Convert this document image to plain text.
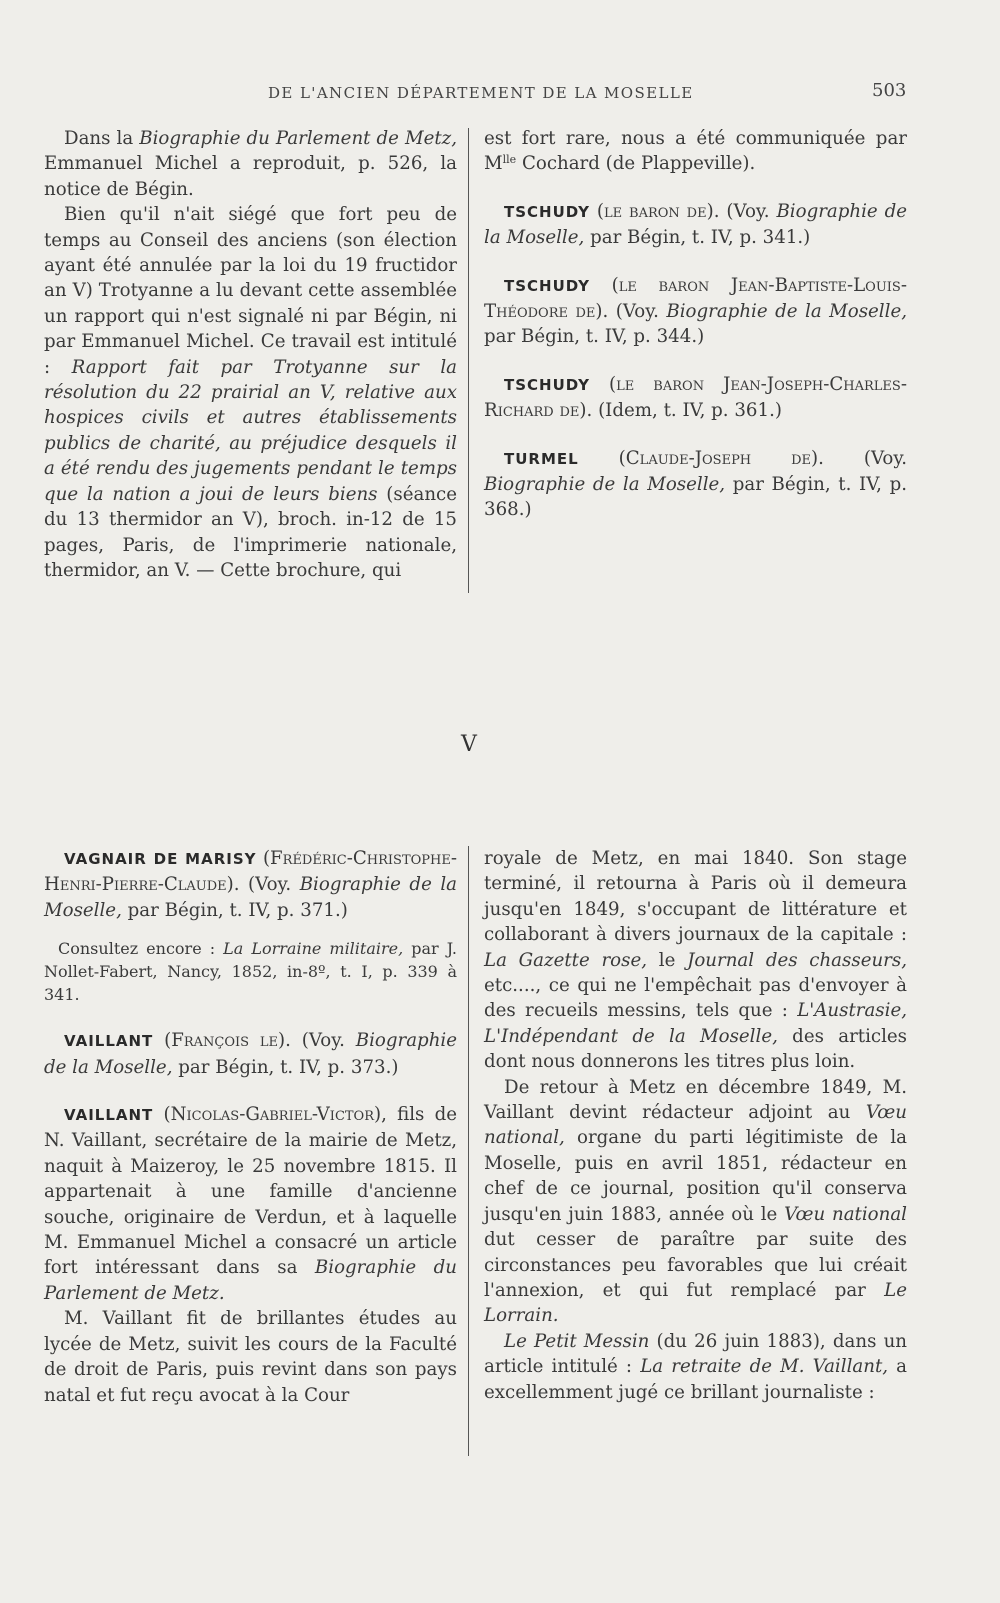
DE L'ANCIEN DÉPARTEMENT DE LA MOSELLE	503

Dans la Biographie du Parlement de Metz, Emmanuel Michel a reproduit, p. 526, la notice de Bégin.

Bien qu'il n'ait siégé que fort peu de temps au Conseil des anciens (son élection ayant été annulée par la loi du 19 fructidor an V) Trotyanne a lu devant cette assemblée un rapport qui n'est signalé ni par Bégin, ni par Emmanuel Michel. Ce travail est intitulé : Rapport fait par Trotyanne sur la résolution du 22 prairial an V, relative aux hospices civils et autres établissements publics de charité, au préjudice desquels il a été rendu des jugements pendant le temps que la nation a joui de leurs biens (séance du 13 thermidor an V), broch. in-12 de 15 pages, Paris, de l'imprimerie nationale, thermidor, an V. — Cette brochure, qui

est fort rare, nous a été communiquée par $M^{lle}$ Cochard (de Plappeville).

TSCHUDY (le baron de). (Voy. Biographie de la Moselle, par Bégin, t. IV, p. 341.)

TSCHUDY (le baron Jean-Baptiste-Louis-Théodore de). (Voy. Biographie de la Moselle, par Bégin, t. IV, p. 344.)

TSCHUDY (le baron Jean-Joseph-Charles-Richard de). (Idem, t. IV, p. 361.)

TURMEL (Claude-Joseph de). (Voy. Biographie de la Moselle, par Bégin, t. IV, p. 368.)

V

VAGNAIR DE MARISY (Frédéric-Christophe-Henri-Pierre-Claude). (Voy. Biographie de la Moselle, par Bégin, t. IV, p. 371.)

Consultez encore : La Lorraine militaire, par J. Nollet-Fabert, Nancy, 1852, in-8º, t. I, p. 339 à 341.

VAILLANT (François le). (Voy. Biographie de la Moselle, par Bégin, t. IV, p. 373.)

VAILLANT (Nicolas-Gabriel-Victor), fils de N. Vaillant, secrétaire de la mairie de Metz, naquit à Maizeroy, le 25 novembre 1815. Il appartenait à une famille d'ancienne souche, originaire de Verdun, et à laquelle M. Emmanuel Michel a consacré un article fort intéressant dans sa Biographie du Parlement de Metz.

M. Vaillant fit de brillantes études au lycée de Metz, suivit les cours de la Faculté de droit de Paris, puis revint dans son pays natal et fut reçu avocat à la Cour

royale de Metz, en mai 1840. Son stage terminé, il retourna à Paris où il demeura jusqu'en 1849, s'occupant de littérature et collaborant à divers journaux de la capitale : La Gazette rose, le Journal des chasseurs, etc...., ce qui ne l'empêchait pas d'envoyer à des recueils messins, tels que : L'Austrasie, L'Indépendant de la Moselle, des articles dont nous donnerons les titres plus loin.

De retour à Metz en décembre 1849, M. Vaillant devint rédacteur adjoint au Vœu national, organe du parti légitimiste de la Moselle, puis en avril 1851, rédacteur en chef de ce journal, position qu'il conserva jusqu'en juin 1883, année où le Vœu national dut cesser de paraître par suite des circonstances peu favorables que lui créait l'annexion, et qui fut remplacé par Le Lorrain.

Le Petit Messin (du 26 juin 1883), dans un article intitulé : La retraite de M. Vaillant, a excellemment jugé ce brillant journaliste :
